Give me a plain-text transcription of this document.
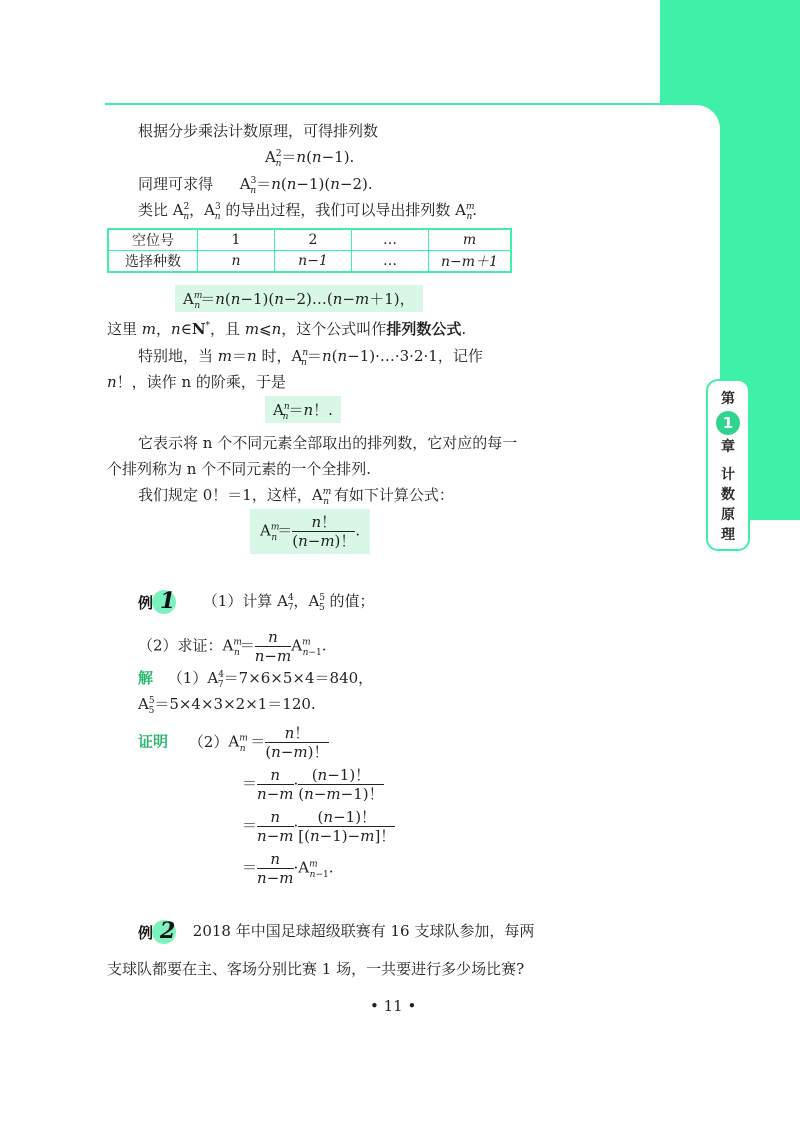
第
1
章
计
数
原
理
根据分步乘法计数原理，可得排列数
$A^2_n=n(n-1)$.
同理可求得 $A^3_n=n(n-1)(n-2)$.
类比 $A^2_n$，$A^3_n$ 的导出过程，我们可以导出排列数 $A^m_n$.
空位号	1	2	…	m
选择种数	n	n−1	…	n−m＋1
$A^m_n=n(n-1)(n-2)\dots(n-m+1)$，
这里 m，n∈N*，且 m⩽n，这个公式叫作排列数公式.
特别地，当 m＝n 时，$A^n_n=n(n-1)\cdot\dots\cdot 3\cdot 2\cdot 1$，记作
n！，读作 n 的阶乘，于是
$A^n_n=n$！.
它表示将 n 个不同元素全部取出的排列数，它对应的每一
个排列称为 n 个不同元素的一个全排列.
我们规定 0！＝1，这样，$A^m_n$ 有如下计算公式：
$A^m_n= \frac{n!}{(n-m)!}$ .
例 1 （1）计算 $A^4_7$，$A^5_5$ 的值；
（2）求证：$A^m_n= \frac{n}{n-m} A^m_{n-1}$.
解 $(1)A^4_7=7\times 6\times 5\times 4=840$，
$A^5_5=5\times 4\times 3\times 2\times 1=120$.
证明 $(2)A^m_n = \frac{n!}{(n-m)!}$
＝ $\frac{n}{n-m} \cdot \frac{(n-1)!}{(n-m-1)!}$
＝ $\frac{n}{n-m} \cdot \frac{(n-1)!}{[(n-1)-m]!}$
＝ $\frac{n}{n-m} \cdot A^m_{n-1}$.
例 2 2018 年中国足球超级联赛有 16 支球队参加，每两
支球队都要在主、客场分别比赛 1 场，一共要进行多少场比赛?
• 11 •
